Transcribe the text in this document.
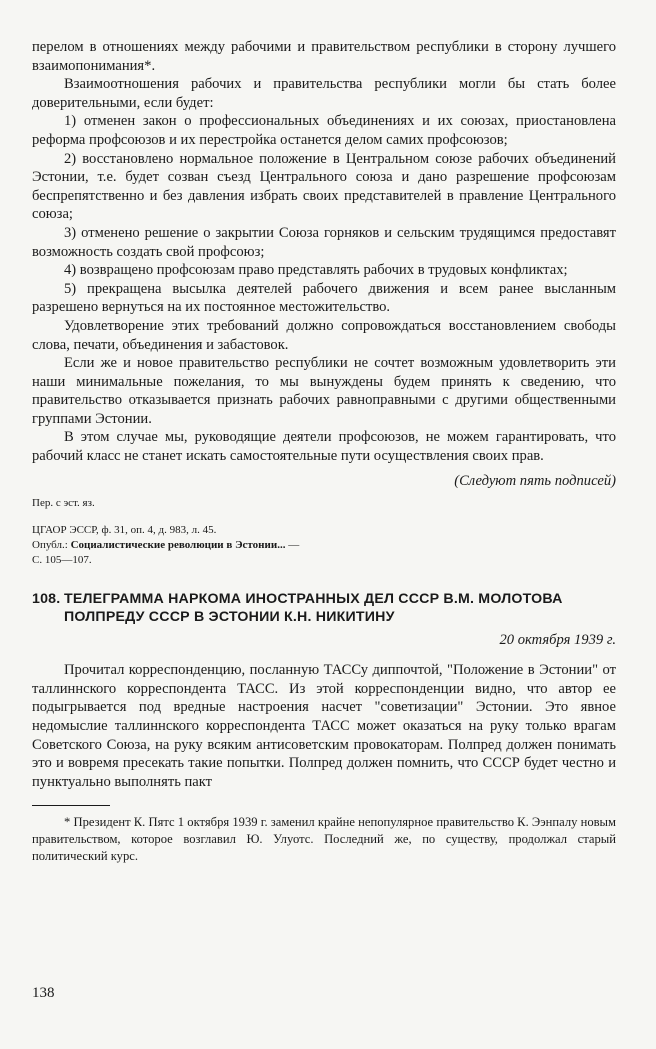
перелом в отношениях между рабочими и правительством республики в сторону лучшего взаимопонимания*.

Взаимоотношения рабочих и правительства республики могли бы стать более доверительными, если будет:

1) отменен закон о профессиональных объединениях и их союзах, приостановлена реформа профсоюзов и их перестройка останется делом самих профсоюзов;

2) восстановлено нормальное положение в Центральном союзе рабочих объединений Эстонии, т.е. будет созван съезд Центрального союза и дано разрешение профсоюзам беспрепятственно и без давления избрать своих представителей в правление Центрального союза;

3) отменено решение о закрытии Союза горняков и сельским трудящимся предоставят возможность создать свой профсоюз;

4) возвращено профсоюзам право представлять рабочих в трудовых конфликтах;

5) прекращена высылка деятелей рабочего движения и всем ранее высланным разрешено вернуться на их постоянное местожительство.

Удовлетворение этих требований должно сопровождаться восстановлением свободы слова, печати, объединения и забастовок.

Если же и новое правительство республики не сочтет возможным удовлетворить эти наши минимальные пожелания, то мы вынуждены будем принять к сведению, что правительство отказывается признать рабочих равноправными с другими общественными группами Эстонии.

В этом случае мы, руководящие деятели профсоюзов, не можем гарантировать, что рабочий класс не станет искать самостоятельные пути осуществления своих прав.

(Следуют пять подписей)

Пер. с эст. яз.

ЦГАОР ЭССР, ф. 31, оп. 4, д. 983, л. 45.

Опубл.: Социалистические революции в Эстонии... —

С. 105—107.

108. ТЕЛЕГРАММА НАРКОМА ИНОСТРАННЫХ ДЕЛ СССР В.М. МОЛОТОВА
ПОЛПРЕДУ СССР В ЭСТОНИИ К.Н. НИКИТИНУ

20 октября 1939 г.

Прочитал корреспонденцию, посланную ТАССу диппочтой, "Положение в Эстонии" от таллиннского корреспондента ТАСС. Из этой корреспонденции видно, что автор ее подыгрывается под вредные настроения насчет "советизации" Эстонии. Это явное недомыслие таллиннского корреспондента ТАСС может оказаться на руку только врагам Советского Союза, на руку всяким антисоветским провокаторам. Полпред должен понимать это и вовремя пресекать такие попытки. Полпред должен помнить, что СССР будет честно и пунктуально выполнять пакт

* Президент К. Пятс 1 октября 1939 г. заменил крайне непопулярное правительство К. Ээнпалу новым правительством, которое возглавил Ю. Улуотс. Последний же, по существу, продолжал старый политический курс.

138
